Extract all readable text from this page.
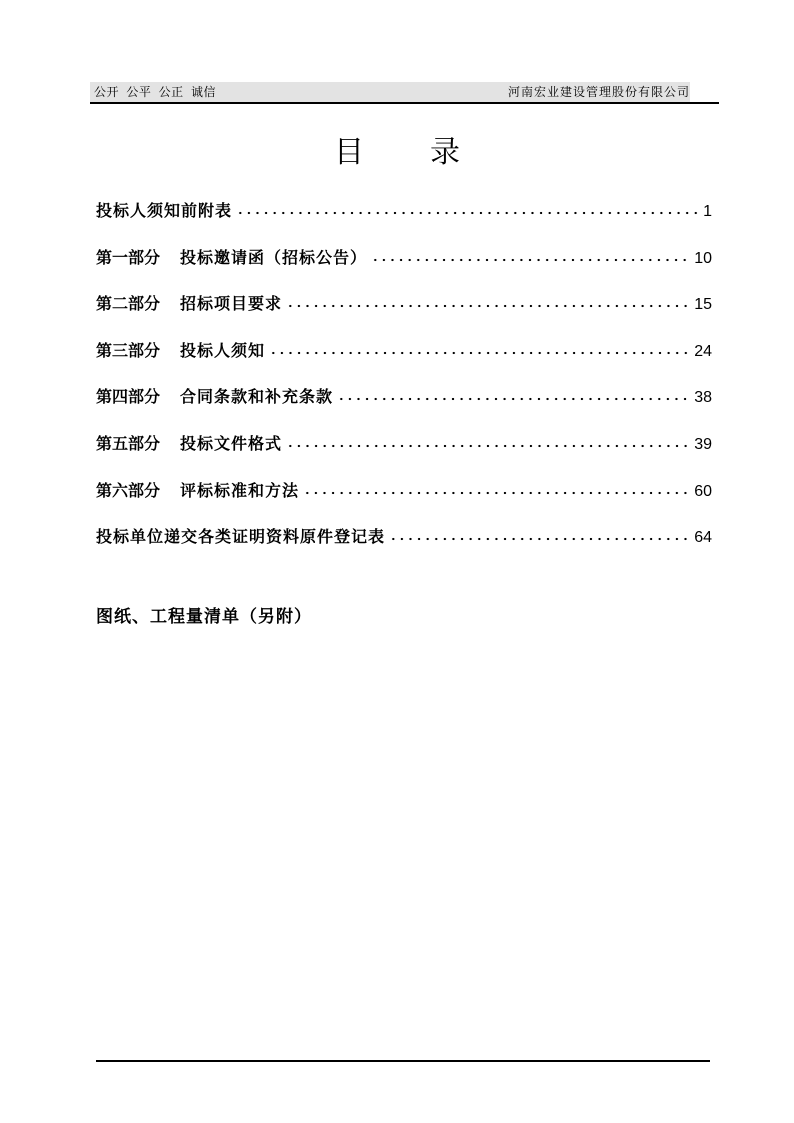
公开 公平 公正 诚信	河南宏业建设管理股份有限公司
目录
投标人须知前附表	1
第一部分 投标邀请函（招标公告）	10
第二部分 招标项目要求	15
第三部分 投标人须知	24
第四部分 合同条款和补充条款	38
第五部分 投标文件格式	39
第六部分 评标标准和方法	60
投标单位递交各类证明资料原件登记表	64
图纸、工程量清单（另附）
